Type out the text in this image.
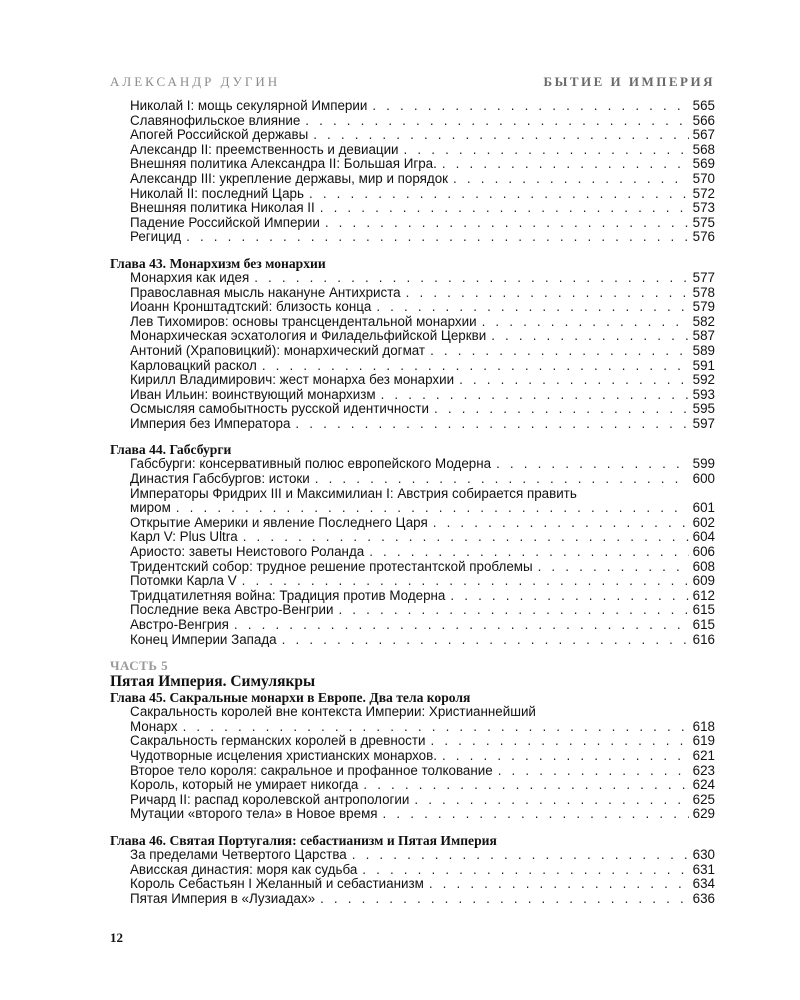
АЛЕКСАНДР ДУГИН	БЫТИЕ И ИМПЕРИЯ
Николай I: мощь секулярной Империи . . .	565
Славянофильское влияние . . .	566
Апогей Российской державы . . .	567
Александр II: преемственность и девиации . . .	568
Внешняя политика Александра II: Большая Игра. . . .	569
Александр III: укрепление державы, мир и порядок . . .	570
Николай II: последний Царь . . .	572
Внешняя политика Николая II . . .	573
Падение Российской Империи . . .	575
Регицид . . .	576
Глава 43. Монархизм без монархии
Монархия как идея . . .	577
Православная мысль накануне Антихриста . . .	578
Иоанн Кронштадтский: близость конца . . .	579
Лев Тихомиров: основы трансцендентальной монархии . . .	582
Монархическая эсхатология и Филадельфийской Церкви . . .	587
Антоний (Храповицкий): монархический догмат . . .	589
Карловацкий раскол . . .	591
Кирилл Владимирович: жест монарха без монархии . . .	592
Иван Ильин: воинствующий монархизм . . .	593
Осмысляя самобытность русской идентичности . . .	595
Империя без Императора . . .	597
Глава 44. Габсбурги
Габсбурги: консервативный полюс европейского Модерна . . .	599
Династия Габсбургов: истоки . . .	600
Императоры Фридрих III и Максимилиан I: Австрия собирается править
миром . . .	601
Открытие Америки и явление Последнего Царя . . .	602
Карл V: Plus Ultra . . .	604
Ариосто: заветы Неистового Роланда . . .	606
Тридентский собор: трудное решение протестантской проблемы . . .	608
Потомки Карла V . . .	609
Тридцатилетняя война: Традиция против Модерна . . .	612
Последние века Австро-Венгрии . . .	615
Австро-Венгрия . . .	615
Конец Империи Запада . . .	616
ЧАСТЬ 5
Пятая Империя. Симулякры
Глава 45. Сакральные монархи в Европе. Два тела короля
Сакральность королей вне контекста Империи: Христианнейший
Монарх . . .	618
Сакральность германских королей в древности . . .	619
Чудотворные исцеления христианских монархов. . . .	621
Второе тело короля: сакральное и профанное толкование . . .	623
Король, который не умирает никогда . . .	624
Ричард II: распад королевской антропологии . . .	625
Мутации «второго тела» в Новое время . . .	629
Глава 46. Святая Португалия: себастианизм и Пятая Империя
За пределами Четвертого Царства . . .	630
Ависская династия: моря как судьба . . .	631
Король Себастьян I Желанный и себастианизм . . .	634
Пятая Империя в «Лузиадах» . . .	636
12
